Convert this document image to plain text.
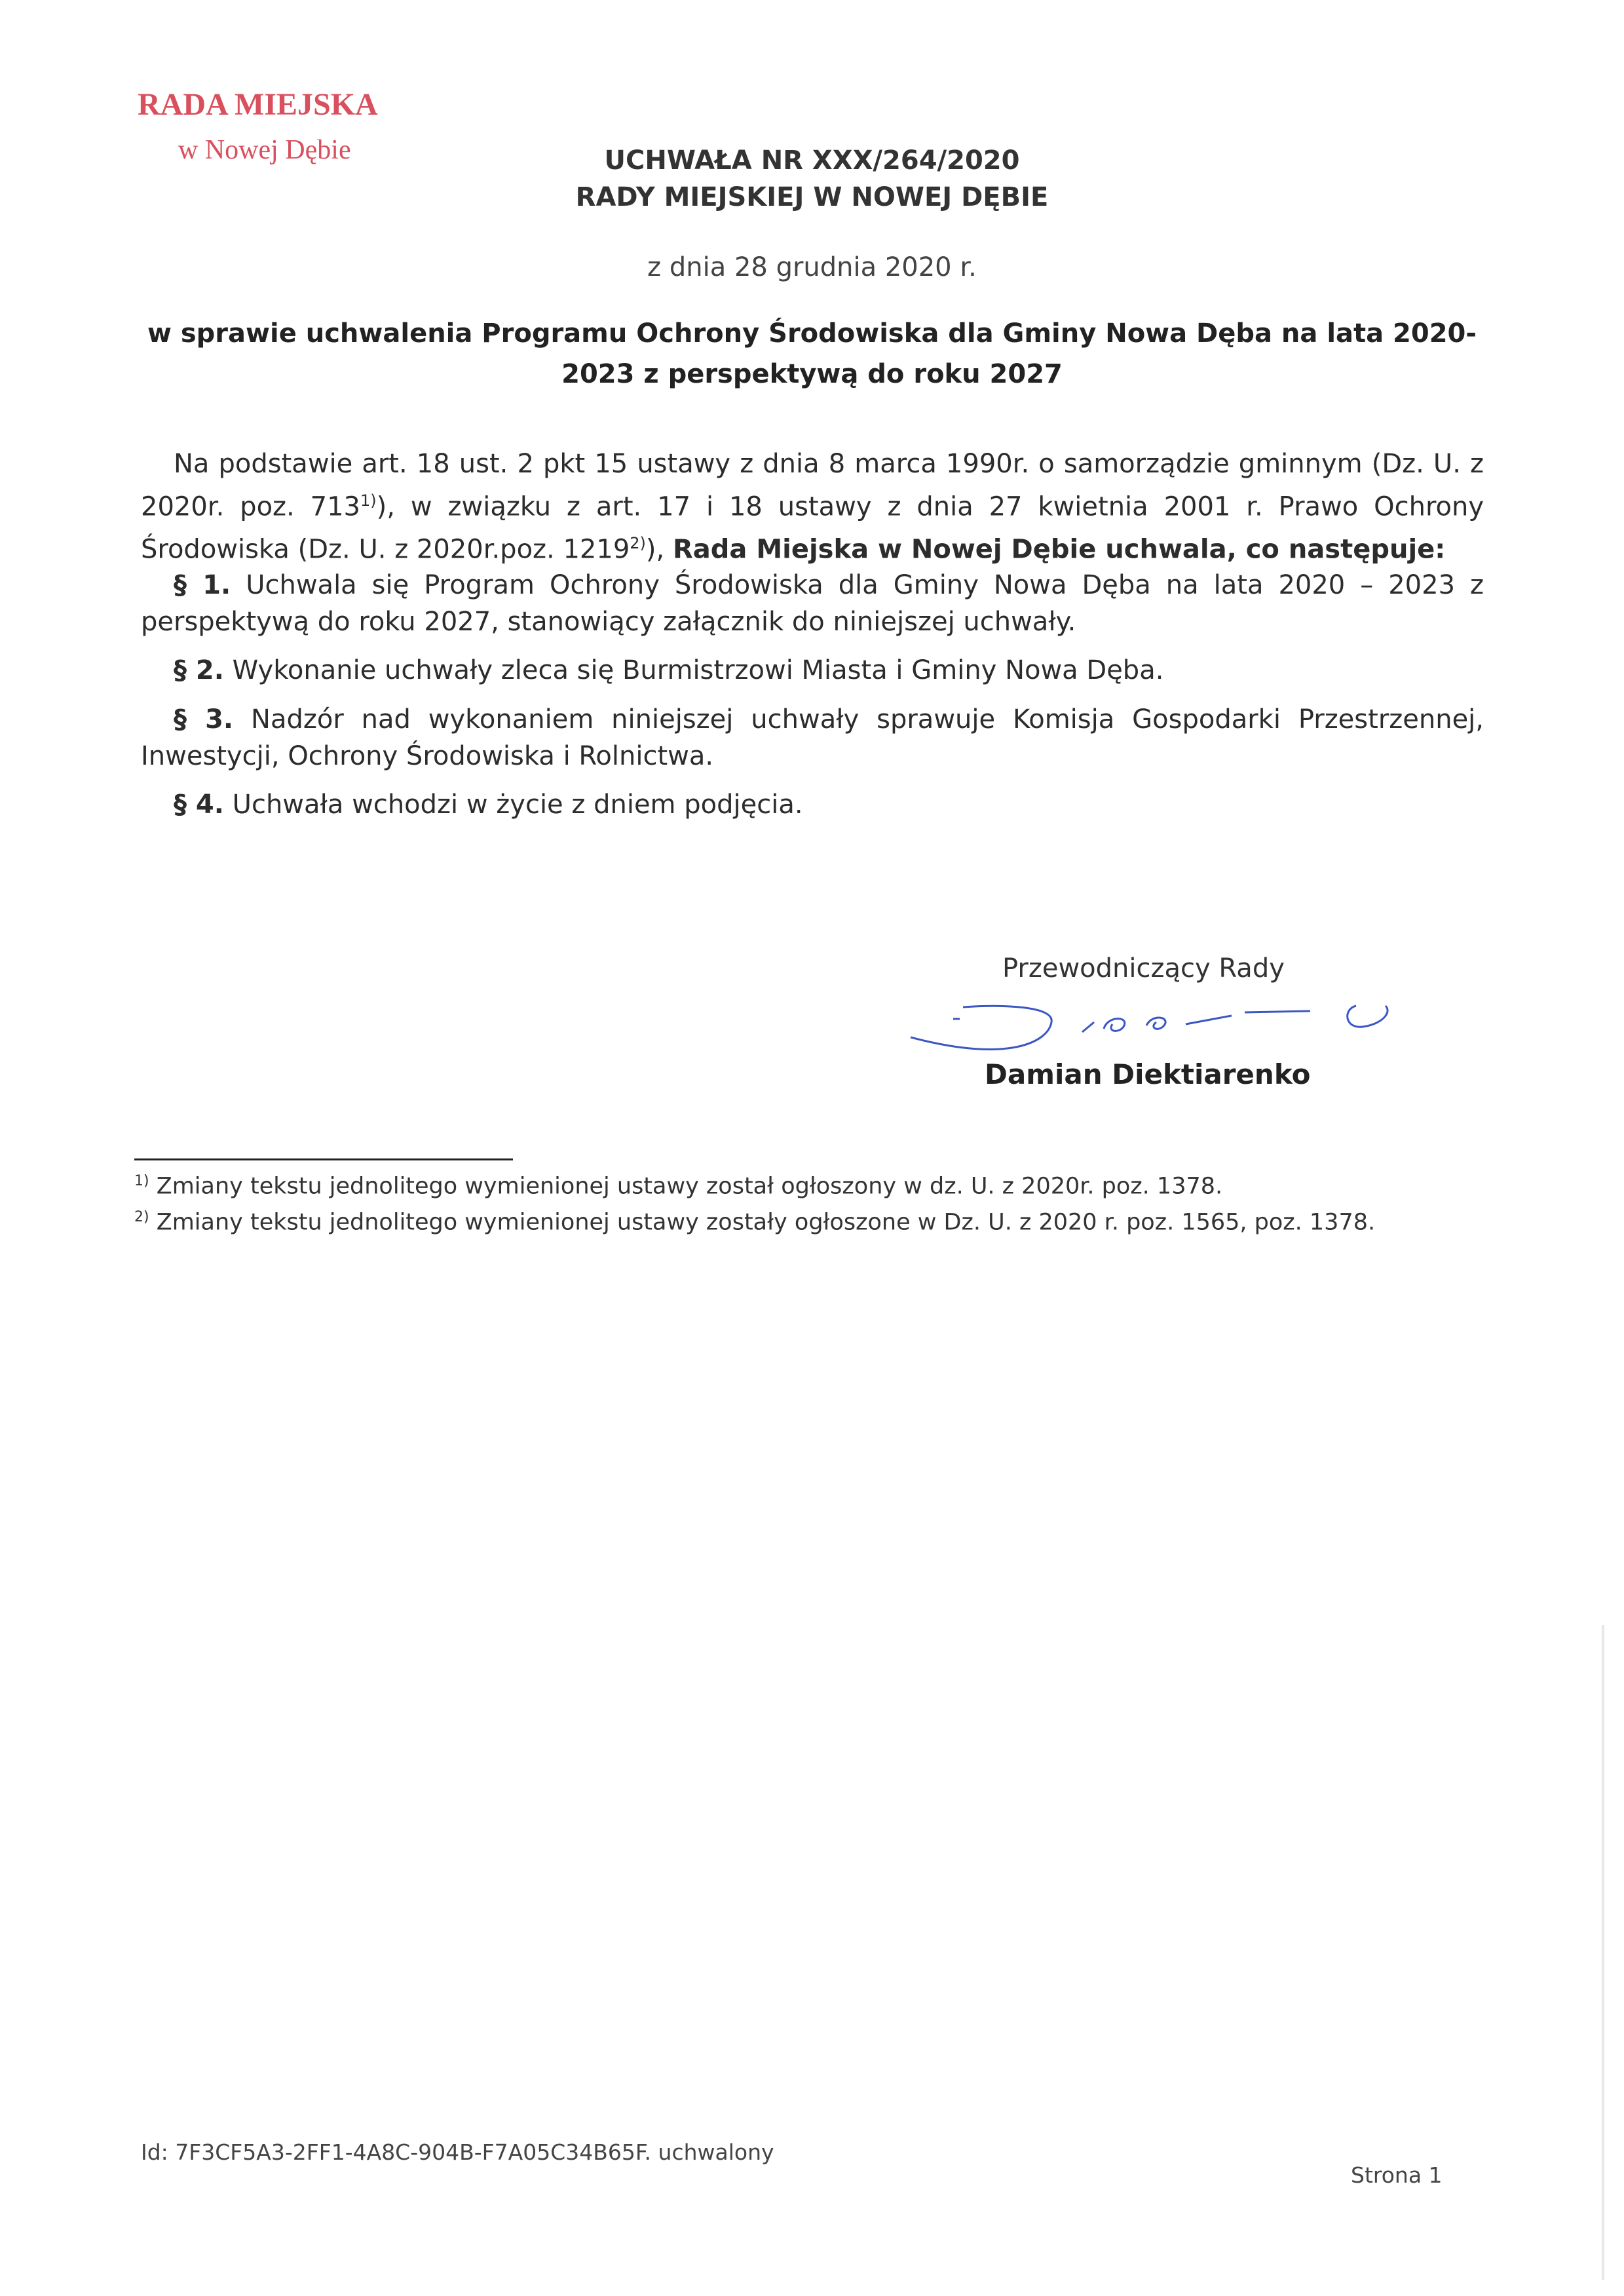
RADA MIEJSKA
w Nowej Dębie	UCHWAŁA NR XXX/264/2020
RADY MIEJSKIEJ W NOWEJ DĘBIE
z dnia 28 grudnia 2020 r.
w sprawie uchwalenia Programu Ochrony Środowiska dla Gminy Nowa Dęba na lata 2020-
2023 z perspektywą do roku 2027
Na podstawie art. 18 ust. 2 pkt 15 ustawy z dnia 8 marca 1990r. o samorządzie gminnym (Dz. U. z 2020r. poz. 713$^{1)}$), w związku z art. 17 i 18 ustawy z dnia 27 kwietnia 2001 r. Prawo Ochrony Środowiska (Dz. U. z 2020r.poz. 1219$^{2)}$), Rada Miejska w Nowej Dębie uchwala, co następuje:
§ 1. Uchwala się Program Ochrony Środowiska dla Gminy Nowa Dęba na lata 2020 – 2023 z perspektywą do roku 2027, stanowiący załącznik do niniejszej uchwały.
§ 2. Wykonanie uchwały zleca się Burmistrzowi Miasta i Gminy Nowa Dęba.
§ 3. Nadzór nad wykonaniem niniejszej uchwały sprawuje Komisja Gospodarki Przestrzennej, Inwestycji, Ochrony Środowiska i Rolnictwa.
§ 4. Uchwała wchodzi w życie z dniem podjęcia.
Przewodniczący Rady
Damian Diektiarenko
$^{1)}$ Zmiany tekstu jednolitego wymienionej ustawy został ogłoszony w dz. U. z 2020r. poz. 1378.
$^{2)}$ Zmiany tekstu jednolitego wymienionej ustawy zostały ogłoszone w Dz. U. z 2020 r. poz. 1565, poz. 1378.
Id: 7F3CF5A3-2FF1-4A8C-904B-F7A05C34B65F. uchwalony
Strona 1
